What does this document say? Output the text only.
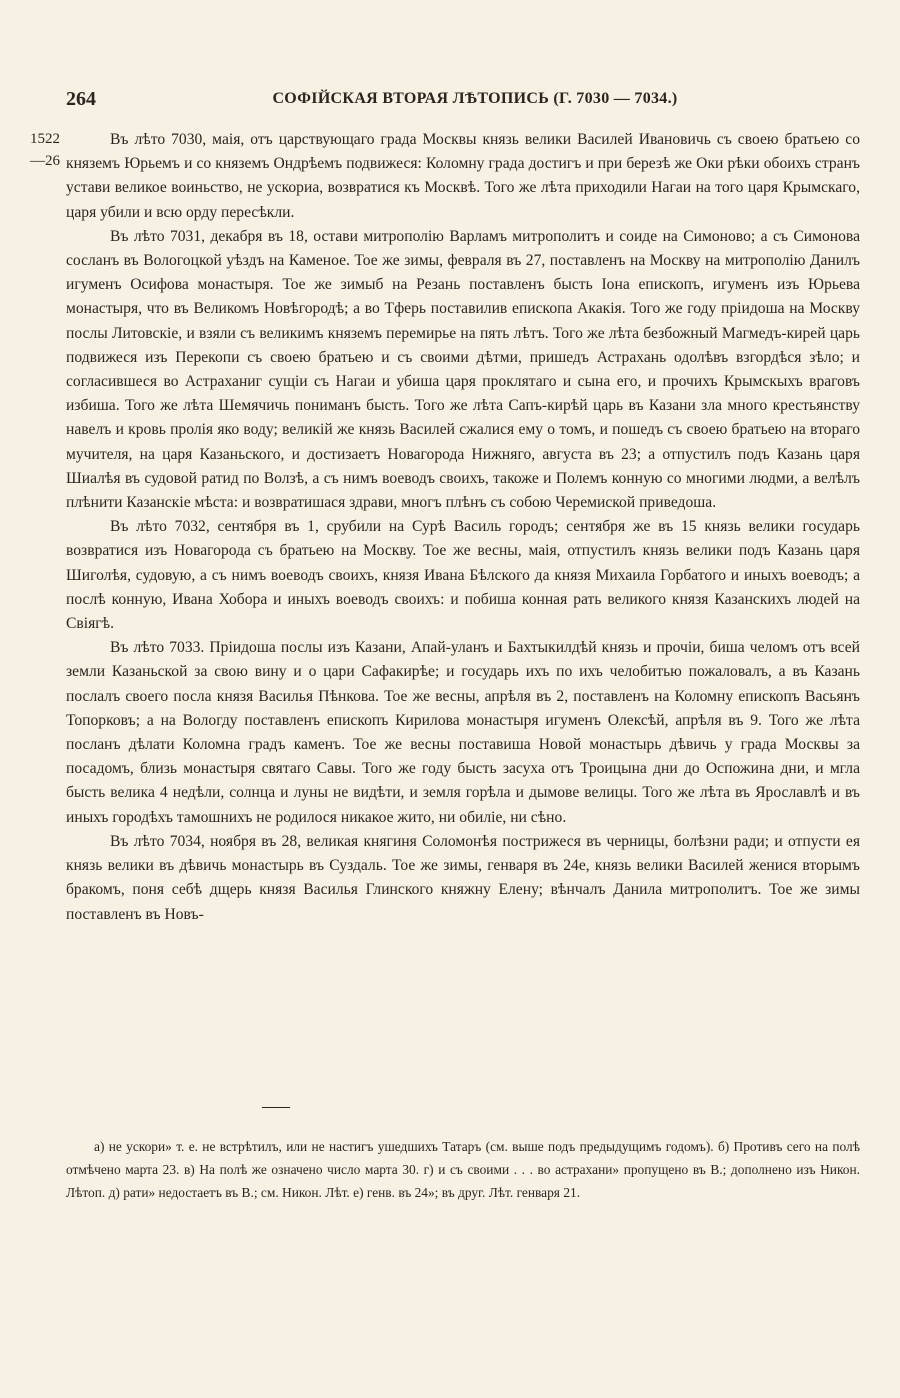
264	СОФІЙСКАЯ ВТОРАЯ ЛѢТОПИСЬ (Г. 7030 — 7034.)
1522
—26

Въ лѣто 7030, маія, отъ царствующаго града Москвы князь велики Василей Ивановичь съ своею братьею со княземъ Юрьемъ и со княземъ Ондрѣемъ подвижеся: Коломну града достигъ и при березѣ же Оки рѣки обоихъ странъ устави великое воиньство, не ускориа, возвратися къ Москвѣ. Того же лѣта приходили Нагаи на того царя Крымскаго, царя убили и всю орду пересѣкли.

Въ лѣто 7031, декабря въ 18, остави митрополію Варламъ митрополитъ и соиде на Симоново; а съ Симонова сосланъ въ Вологоцкой уѣздъ на Каменое. Тое же зимы, февраля въ 27, поставленъ на Москву на митрополію Данилъ игуменъ Осифова монастыря. Тое же зимыб на Резань поставленъ бысть Іона епископъ, игуменъ изъ Юрьева монастыря, что въ Великомъ Новѣгородѣ; а во Тферь поставилив епископа Акакія. Того же году пріидоша на Москву послы Литовскіе, и взяли съ великимъ княземъ перемирье на пять лѣтъ. Того же лѣта безбожный Магмедъ-кирей царь подвижеся изъ Перекопи съ своею братьею и съ своими дѣтми, пришедъ Астрахань одолѣвъ взгордѣся зѣло; и согласившеся во Астраханиг сущіи съ Нагаи и убиша царя проклятаго и сына его, и прочихъ Крымскыхъ враговъ избиша. Того же лѣта Шемячичь пониманъ бысть. Того же лѣта Сапъ-кирѣй царь въ Казани зла много крестьянству навелъ и кровь пролія яко воду; великій же князь Василей сжалися ему о томъ, и пошедъ съ своею братьею на втораго мучителя, на царя Казаньского, и достизаетъ Новагорода Нижняго, августа въ 23; а отпустилъ подъ Казань царя Шиалѣя въ судовой ратид по Волзѣ, а съ нимъ воеводъ своихъ, такоже и Полемъ конную со многими людми, а велѣлъ плѣнити Казанскіе мѣста: и возвратишася здрави, многъ плѣнъ съ собою Черемиской приведоша.

Въ лѣто 7032, сентября въ 1, срубили на Сурѣ Василь городъ; сентября же въ 15 князь велики государь возвратися изъ Новагорода съ братьею на Москву. Тое же весны, маія, отпустилъ князь велики подъ Казань царя Шиголѣя, судовую, а съ нимъ воеводъ своихъ, князя Ивана Бѣлского да князя Михаила Горбатого и иныхъ воеводъ; а послѣ конную, Ивана Хобора и иныхъ воеводъ своихъ: и побиша конная рать великого князя Казанскихъ людей на Свіягѣ.

Въ лѣто 7033. Пріидоша послы изъ Казани, Апай-уланъ и Бахтыкилдѣй князь и прочіи, биша челомъ отъ всей земли Казаньской за свою вину и о цари Сафакирѣе; и государь ихъ по ихъ челобитью пожаловалъ, а въ Казань послалъ своего посла князя Василья Пѣнкова. Тое же весны, апрѣля въ 2, поставленъ на Коломну епископъ Васьянъ Топорковъ; а на Вологду поставленъ епископъ Кирилова монастыря игуменъ Олексѣй, апрѣля въ 9. Того же лѣта посланъ дѣлати Коломна градъ каменъ. Тое же весны поставиша Новой монастырь дѣвичь у града Москвы за посадомъ, близь монастыря святаго Савы. Того же году бысть засуха отъ Троицына дни до Оспожина дни, и мгла бысть велика 4 недѣли, солнца и луны не видѣти, и земля горѣла и дымове велицы. Того же лѣта въ Ярославлѣ и въ иныхъ городѣхъ тамошнихъ не родилося никакое жито, ни обиліе, ни сѣно.

Въ лѣто 7034, ноября въ 28, великая княгиня Соломонѣя пострижеся въ черницы, болѣзни ради; и отпусти ея князь велики въ дѣвичь монастырь въ Суздаль. Тое же зимы, генваря въ 24е, князь велики Василей женися вторымъ бракомъ, поня себѣ дщерь князя Василья Глинского княжну Елену; вѣнчалъ Данила митрополитъ. Тое же зимы поставленъ въ Новъ-

а) не ускори» т. е. не встрѣтилъ, или не настигъ ушедшихъ Татаръ (см. выше подъ предыдущимъ годомъ). б) Противъ сего на полѣ отмѣчено марта 23. в) На полѣ же означено число марта 30. г) и съ своими . . . во астрахани» пропущено въ В.; дополнено изъ Никон. Лѣтоп. д) рати» недостаетъ въ В.; см. Никон. Лѣт. е) генв. въ 24»; въ друг. Лѣт. генваря 21.
